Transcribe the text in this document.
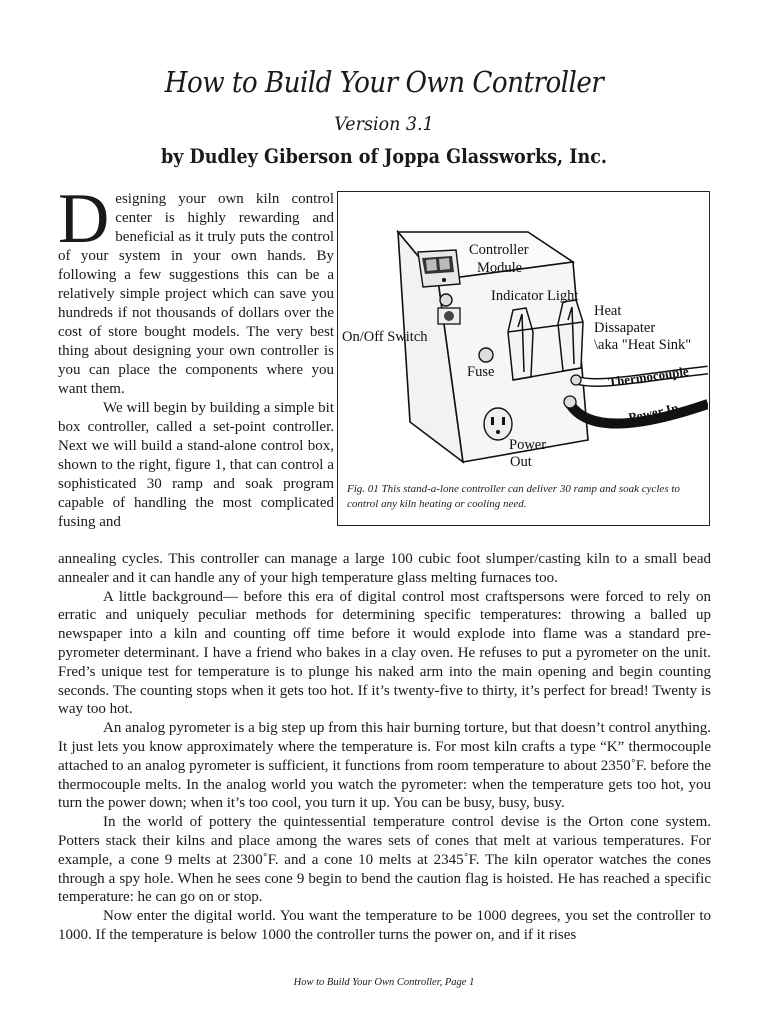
How to Build Your Own Controller
Version 3.1
by Dudley Giberson of Joppa Glassworks, Inc.

Designing your own kiln control center is highly rewarding and beneficial as it truly puts the control of your system in your own hands. By following a few suggestions this can be a relatively simple project which can save you hundreds if not thousands of dollars over the cost of store bought models. The very best thing about designing your own controller is you can place the components where you want them.

We will begin by building a simple bit box controller, called a set-point controller. Next we will build a stand-alone control box, shown to the right, figure 1, that can control a sophisticated 30 ramp and soak program capable of handling the most complicated fusing and

Controller
Module
Indicator Light
Heat
Dissapater
\aka "Heat Sink"
On/Off Switch
Fuse	Thermocouple
Power In
Power
Out
Fig. 01 This stand-a-lone controller can deliver 30 ramp and soak cycles to control any kiln heating or cooling need.

annealing cycles. This controller can manage a large 100 cubic foot slumper/casting kiln to a small bead annealer and it can handle any of your high temperature glass melting furnaces too.

A little background— before this era of digital control most craftspersons were forced to rely on erratic and uniquely peculiar methods for determining specific temperatures: throwing a balled up newspaper into a kiln and counting off time before it would explode into flame was a standard pre-pyrometer determinant. I have a friend who bakes in a clay oven. He refuses to put a pyrometer on the unit. Fred’s unique test for temperature is to plunge his naked arm into the main opening and begin counting seconds. The counting stops when it gets too hot. If it’s twenty-five to thirty, it’s perfect for bread! Twenty is way too hot.

An analog pyrometer is a big step up from this hair burning torture, but that doesn’t control anything. It just lets you know approximately where the temperature is. For most kiln crafts a type “K” thermocouple attached to an analog pyrometer is sufficient, it functions from room temperature to about 2350˚F. before the thermocouple melts. In the analog world you watch the pyrometer: when the temperature gets too hot, you turn the power down; when it’s too cool, you turn it up. You can be busy, busy, busy.

In the world of pottery the quintessential temperature control devise is the Orton cone system. Potters stack their kilns and place among the wares sets of cones that melt at various temperatures. For example, a cone 9 melts at 2300˚F. and a cone 10 melts at 2345˚F. The kiln operator watches the cones through a spy hole. When he sees cone 9 begin to bend the caution flag is hoisted. He has reached a specific temperature: he can go on or stop.

Now enter the digital world. You want the temperature to be 1000 degrees, you set the controller to 1000. If the temperature is below 1000 the controller turns the power on, and if it rises

How to Build Your Own Controller, Page 1
